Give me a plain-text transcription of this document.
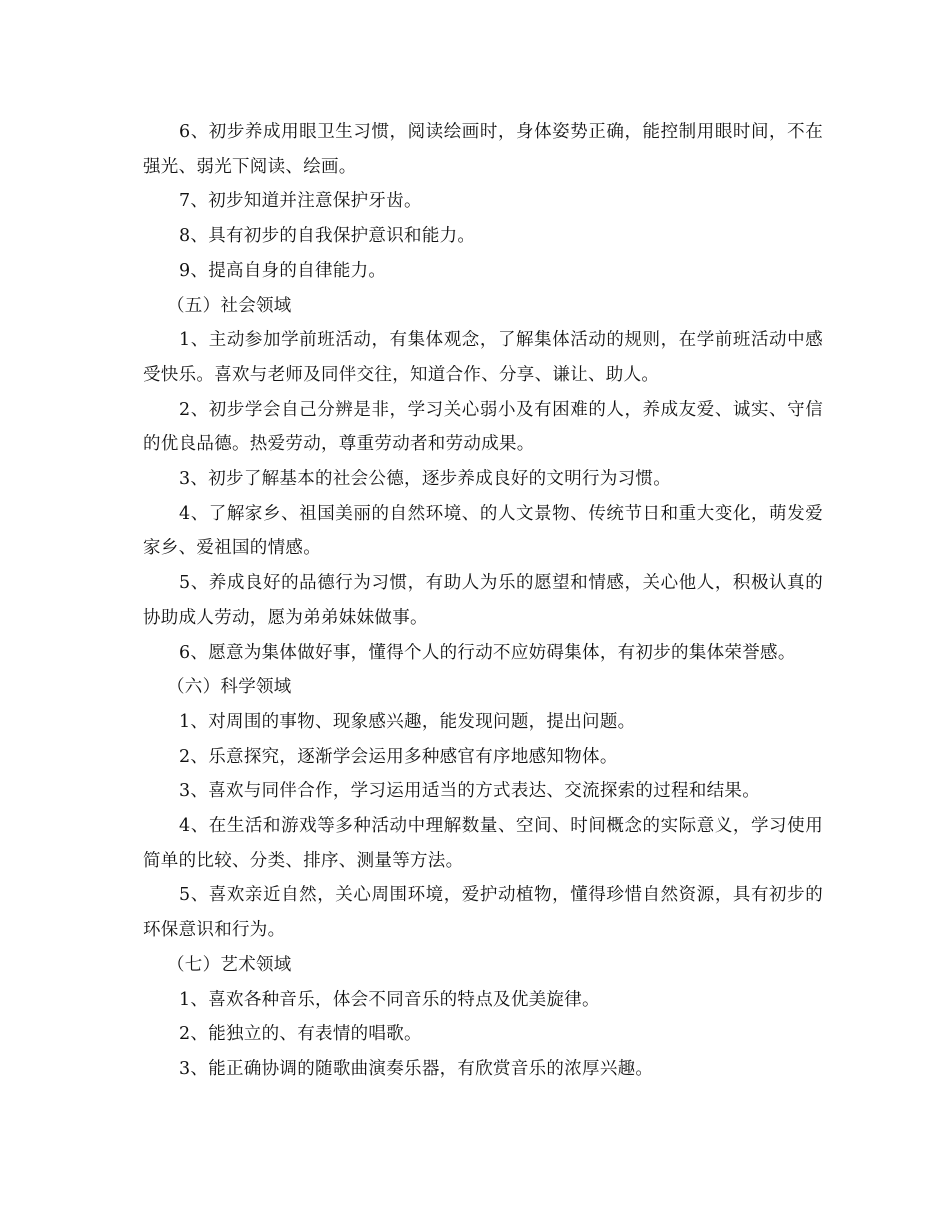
6、初步养成用眼卫生习惯，阅读绘画时，身体姿势正确，能控制用眼时间，不在强光、弱光下阅读、绘画。

7、初步知道并注意保护牙齿。

8、具有初步的自我保护意识和能力。

9、提高自身的自律能力。

（五）社会领域

1、主动参加学前班活动，有集体观念，了解集体活动的规则，在学前班活动中感受快乐。喜欢与老师及同伴交往，知道合作、分享、谦让、助人。

2、初步学会自己分辨是非，学习关心弱小及有困难的人，养成友爱、诚实、守信的优良品德。热爱劳动，尊重劳动者和劳动成果。

3、初步了解基本的社会公德，逐步养成良好的文明行为习惯。

4、了解家乡、祖国美丽的自然环境、的人文景物、传统节日和重大变化，萌发爱家乡、爱祖国的情感。

5、养成良好的品德行为习惯，有助人为乐的愿望和情感，关心他人，积极认真的协助成人劳动，愿为弟弟妹妹做事。

6、愿意为集体做好事，懂得个人的行动不应妨碍集体，有初步的集体荣誉感。

（六）科学领域

1、对周围的事物、现象感兴趣，能发现问题，提出问题。

2、乐意探究，逐渐学会运用多种感官有序地感知物体。

3、喜欢与同伴合作，学习运用适当的方式表达、交流探索的过程和结果。

4、在生活和游戏等多种活动中理解数量、空间、时间概念的实际意义，学习使用简单的比较、分类、排序、测量等方法。

5、喜欢亲近自然，关心周围环境，爱护动植物，懂得珍惜自然资源，具有初步的环保意识和行为。

（七）艺术领域

1、喜欢各种音乐，体会不同音乐的特点及优美旋律。

2、能独立的、有表情的唱歌。

3、能正确协调的随歌曲演奏乐器，有欣赏音乐的浓厚兴趣。
